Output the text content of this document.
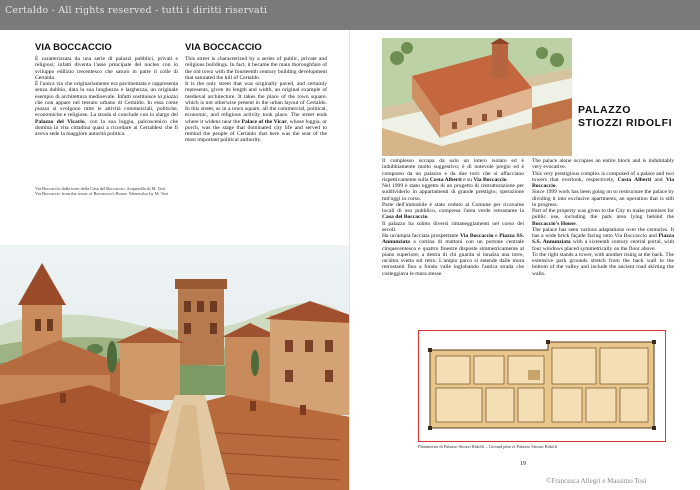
Certaldo - All rights reserved - tutti i diritti riservati
VIA BOCCACCIO
È caratterizzata da una serie di palazzi pubblici, privati e religiosi; infatti diventa l'asse principale del nucleo con lo sviluppo edilizio trecentesco che saturò in parte il colle di Certaldo.
È l'unica via che originariamente era pavimentata e rappresenta senza dubbio, data la sua lunghezza e larghezza, un originale esempio di architettura medioevale. Infatti sostituisce la piazza che non appare nel tessuto urbano di Certaldo. In essa come piazza si svolgono tutte le attività commerciali, politiche, economiche e religiose. La strada si conclude con lo slargo del Palazzo del Vicario, con la sua loggia, palcoscenico che domina la vita cittadina quasi a ricordare ai Certaldesi che fi aveva sede la maggiore autorità politica.
VIA BOCCACCIO
This street is characterized by a series of public, private and religious buildings. In fact, it became the main thoroughfare of the old town with the fourteenth century building development that saturated the hill of Certaldo.
It is the only street that was originally paved, and certainly represents, given its length and width, an original example of medieval architecture. It takes the place of the town square, which is not otherwise present in the urban layout of Certaldo. In this street, as in a town square, all the commercial, political, economic, and religious activity took place. The street ends where it widens near the Palace of the Vicar, whose loggia, or porch, was the stage that dominated city life and served to remind the people of Certaldo that here was the seat of the most important political authority.
Via Boccaccio dalla torre della Casa del Boccaccio. Acquerello di M. Tosi
Via Boccaccio from the tower of Boccaccio's House. Watercolor by M. Tosi
PALAZZO
STIOZZI RIDOLFI
Il complesso occupa da solo un intero isolato ed è indubbiamente molto suggestivo; è di notevole pregio ed è composto da un palazzo e da due torri che si affacciano rispettivamente sulla Costa Alberti e su Via Boccaccio.
Nel 1999 è stato oggetto di un progetto di ristrutturazione per suddividerlo in appartamenti di grande prestigio; operazione tutt'oggi in corso.
Parte dell'immobile è stato ceduto al Comune per ricavarne locali di uso pubblico, compresa l'area verde retrostante la Casa del Boccaccio.
Il palazzo ha subito diversi rimaneggiamenti nel corso dei secoli.
Ha un'ampia facciata prospettante Via Boccaccio e Piazza SS. Annunziata a cortina di mattoni con un portone centrale cinquecentesco e quattro finestre disposte simmetricamente al piano superiore; a destra di chi guarda si innalza una torre, un'altra svetta sul retro. L'ampio parco si estende dalle mura retrostanti fino a fondo valle inglobando l'antica strada che costeggiava le mura stesse.
The palace alone occupies an entire block and is indubitably very evocative.
This very prestigious complex is composed of a palace and two towers that overlook, respectively, Costa Alberti and Via Boccaccio.
Since 1999 work has been going on to restructure the palace by dividing it into exclusive apartments, an operation that is still in progress.
Part of the property was given to the City to make premises for public use, including the park area lying behind the Boccaccio's House.
The palace has seen various adaptations over the centuries. It has a wide brick façade facing onto Via Boccaccio and Piazza S.S. Annunziata with a sixteenth century central portal, with four windows placed symmetrically on the floor above.
To the right stands a tower, with another rising at the back. The extensive park grounds stretch from the back wall to the bottom of the valley and include the ancient road skirting the walls.
Planimetria di Palazzo Stiozzi Ridolfi – Ground plan of Palazzo Stiozzi Ridolfi
19
©Francesca Allegri e Massimo Tosi
